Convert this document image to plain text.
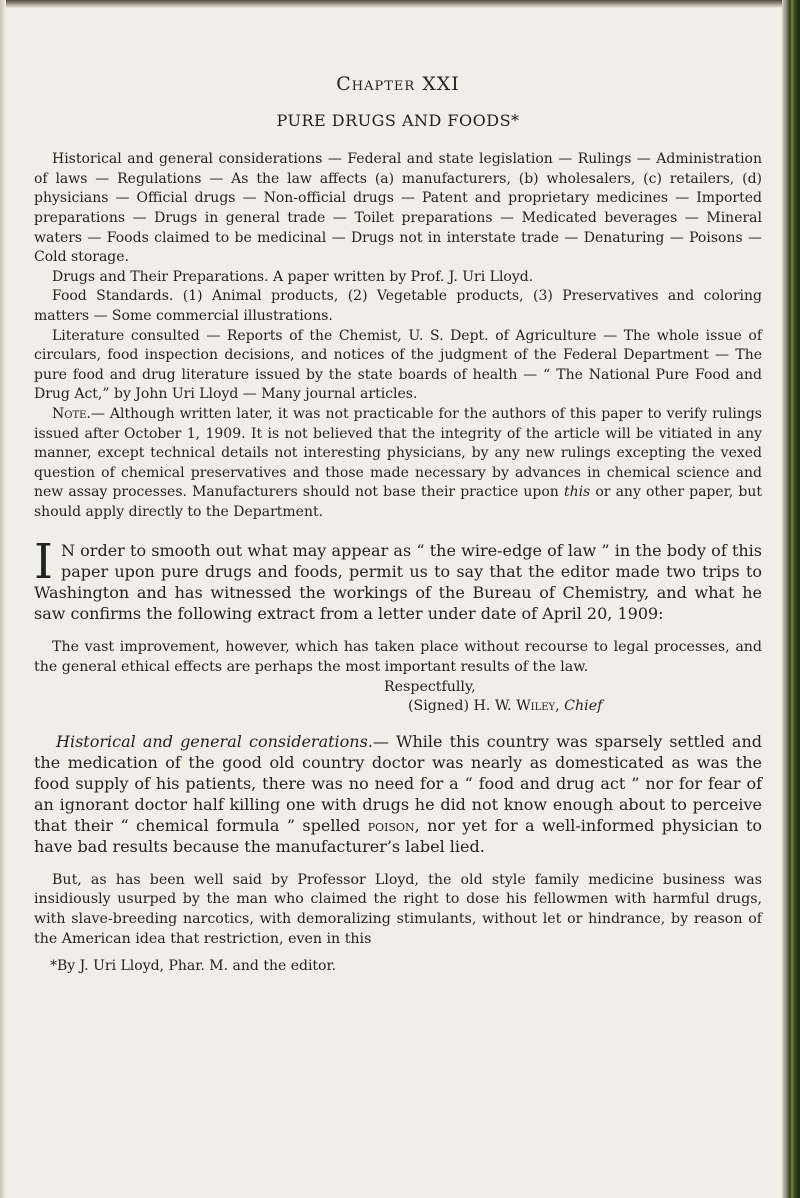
Chapter XXI
PURE DRUGS AND FOODS*

Historical and general considerations — Federal and state legislation — Rulings — Administration of laws — Regulations — As the law affects (a) manufacturers, (b) wholesalers, (c) retailers, (d) physicians — Official drugs — Non-official drugs — Patent and proprietary medicines — Imported preparations — Drugs in general trade — Toilet preparations — Medicated beverages — Mineral waters — Foods claimed to be medicinal — Drugs not in interstate trade — Denaturing — Poisons — Cold storage.

Drugs and Their Preparations. A paper written by Prof. J. Uri Lloyd.

Food Standards. (1) Animal products, (2) Vegetable products, (3) Preservatives and coloring matters — Some commercial illustrations.

Literature consulted — Reports of the Chemist, U. S. Dept. of Agriculture — The whole issue of circulars, food inspection decisions, and notices of the judgment of the Federal Department — The pure food and drug literature issued by the state boards of health — “ The National Pure Food and Drug Act,” by John Uri Lloyd — Many journal articles.

Note.— Although written later, it was not practicable for the authors of this paper to verify rulings issued after October 1, 1909. It is not believed that the integrity of the article will be vitiated in any manner, except technical details not interesting physicians, by any new rulings excepting the vexed question of chemical preservatives and those made necessary by advances in chemical science and new assay processes. Manufacturers should not base their practice upon this or any other paper, but should apply directly to the Department.

I N order to smooth out what may appear as “ the wire-edge of law ” in the body of this paper upon pure drugs and foods, permit us to say that the editor made two trips to Washington and has witnessed the workings of the Bureau of Chemistry, and what he saw confirms the following extract from a letter under date of April 20, 1909:

The vast improvement, however, which has taken place without recourse to legal processes, and the general ethical effects are perhaps the most important results of the law.

Respectfully,
(Signed) H. W. Wiley, Chief

Historical and general considerations.— While this country was sparsely settled and the medication of the good old country doctor was nearly as domesticated as was the food supply of his patients, there was no need for a “ food and drug act ” nor for fear of an ignorant doctor half killing one with drugs he did not know enough about to perceive that their “ chemical formula ” spelled poison, nor yet for a well-informed physician to have bad results because the manufacturer’s label lied.

But, as has been well said by Professor Lloyd, the old style family medicine business was insidiously usurped by the man who claimed the right to dose his fellowmen with harmful drugs, with slave-breeding narcotics, with demoralizing stimulants, without let or hindrance, by reason of the American idea that restriction, even in this

*By J. Uri Lloyd, Phar. M. and the editor.
